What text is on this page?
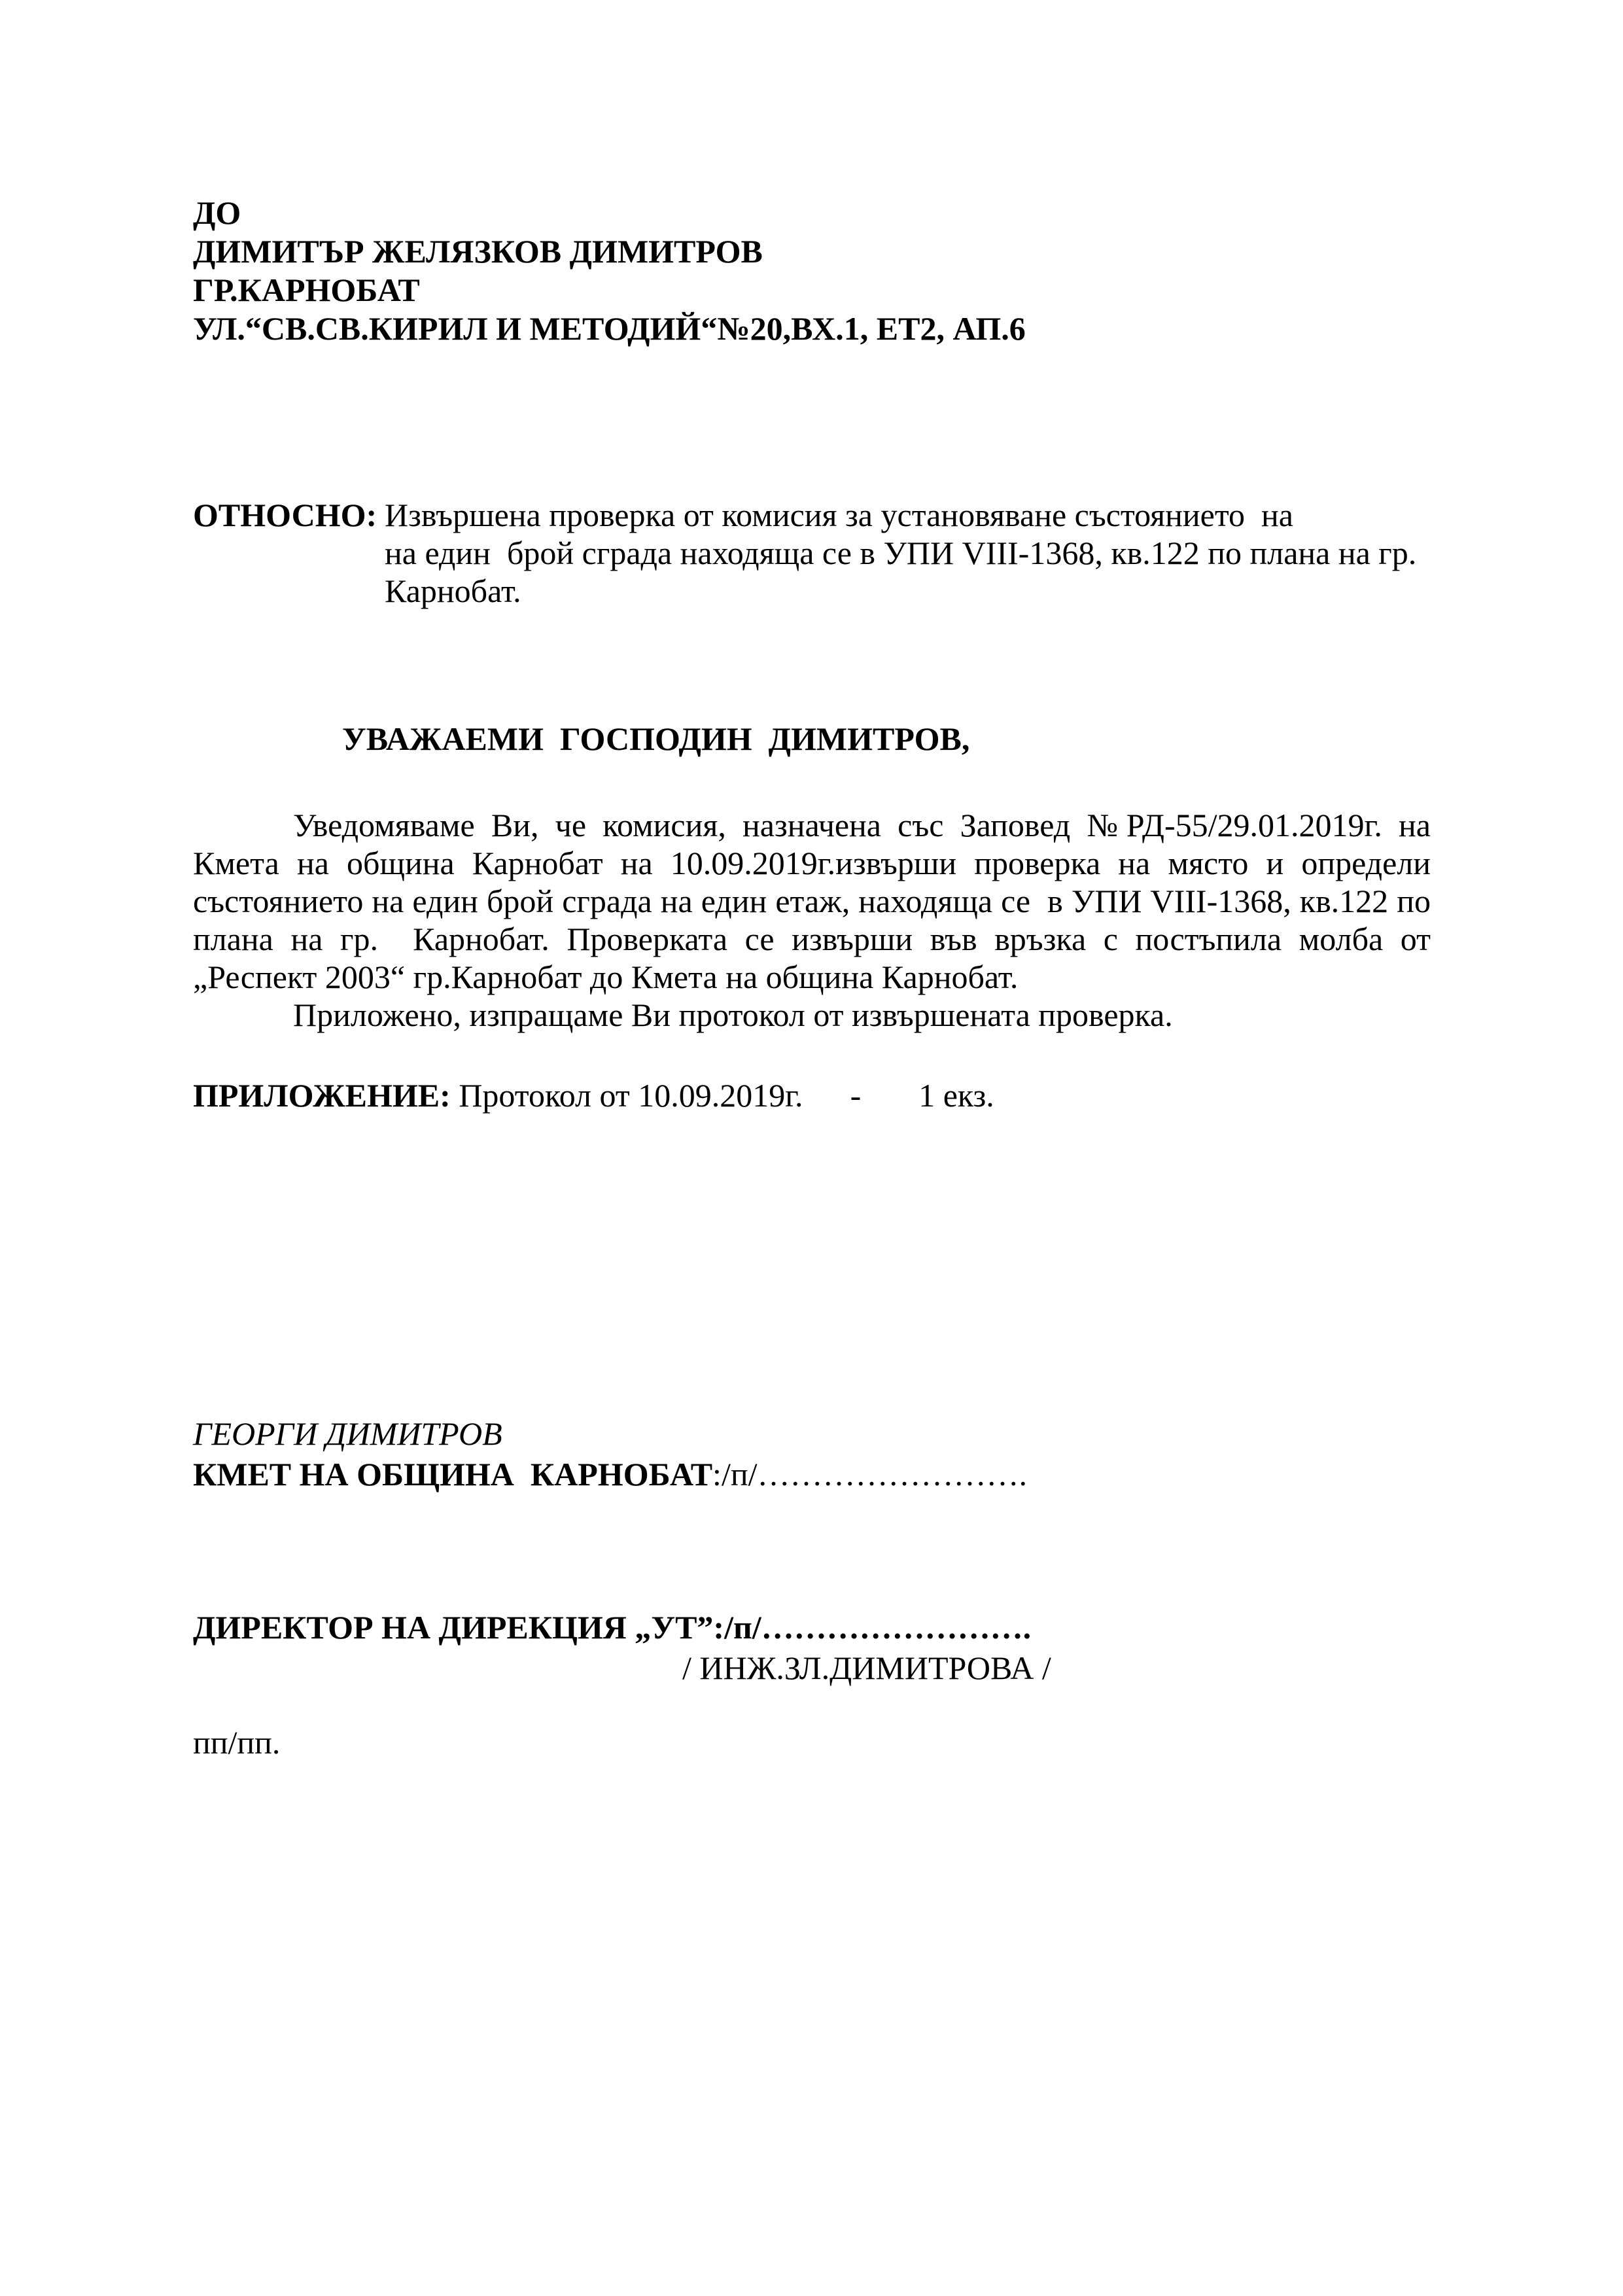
ДО
ДИМИТЪР ЖЕЛЯЗКОВ ДИМИТРОВ
ГР.КАРНОБАТ
УЛ.“СВ.СВ.КИРИЛ И МЕТОДИЙ“№20,ВХ.1, ЕТ2, АП.6
ОТНОСНО: Извършена проверка от комисия за установяване състоянието  на
на един  брой сграда находяща се в УПИ VIII-1368, кв.122 по плана на гр.
Карнобат.
УВАЖАЕМИ  ГОСПОДИН  ДИМИТРОВ,

Уведомяваме Ви, че комисия, назначена със Заповед №РД-55/29.01.2019г. на Кмета на община Карнобат на 10.09.2019г.извърши проверка на място и определи състоянието на един брой сграда на един етаж, находяща се  в УПИ VIII-1368, кв.122 по плана на гр.  Карнобат. Проверката се извърши във връзка с постъпила молба от „Респект 2003“ гр.Карнобат до Кмета на община Карнобат.

Приложено, изпращаме Ви протокол от извършената проверка.

ПРИЛОЖЕНИЕ: Протокол от 10.09.2019г. - 1 екз.
ГЕОРГИ ДИМИТРОВ
КМЕТ НА ОБЩИНА  КАРНОБАТ:/п/…………………….
ДИРЕКТОР НА ДИРЕКЦИЯ „УТ”:/п/…………………….
/ ИНЖ.ЗЛ.ДИМИТРОВА /
пп/пп.
